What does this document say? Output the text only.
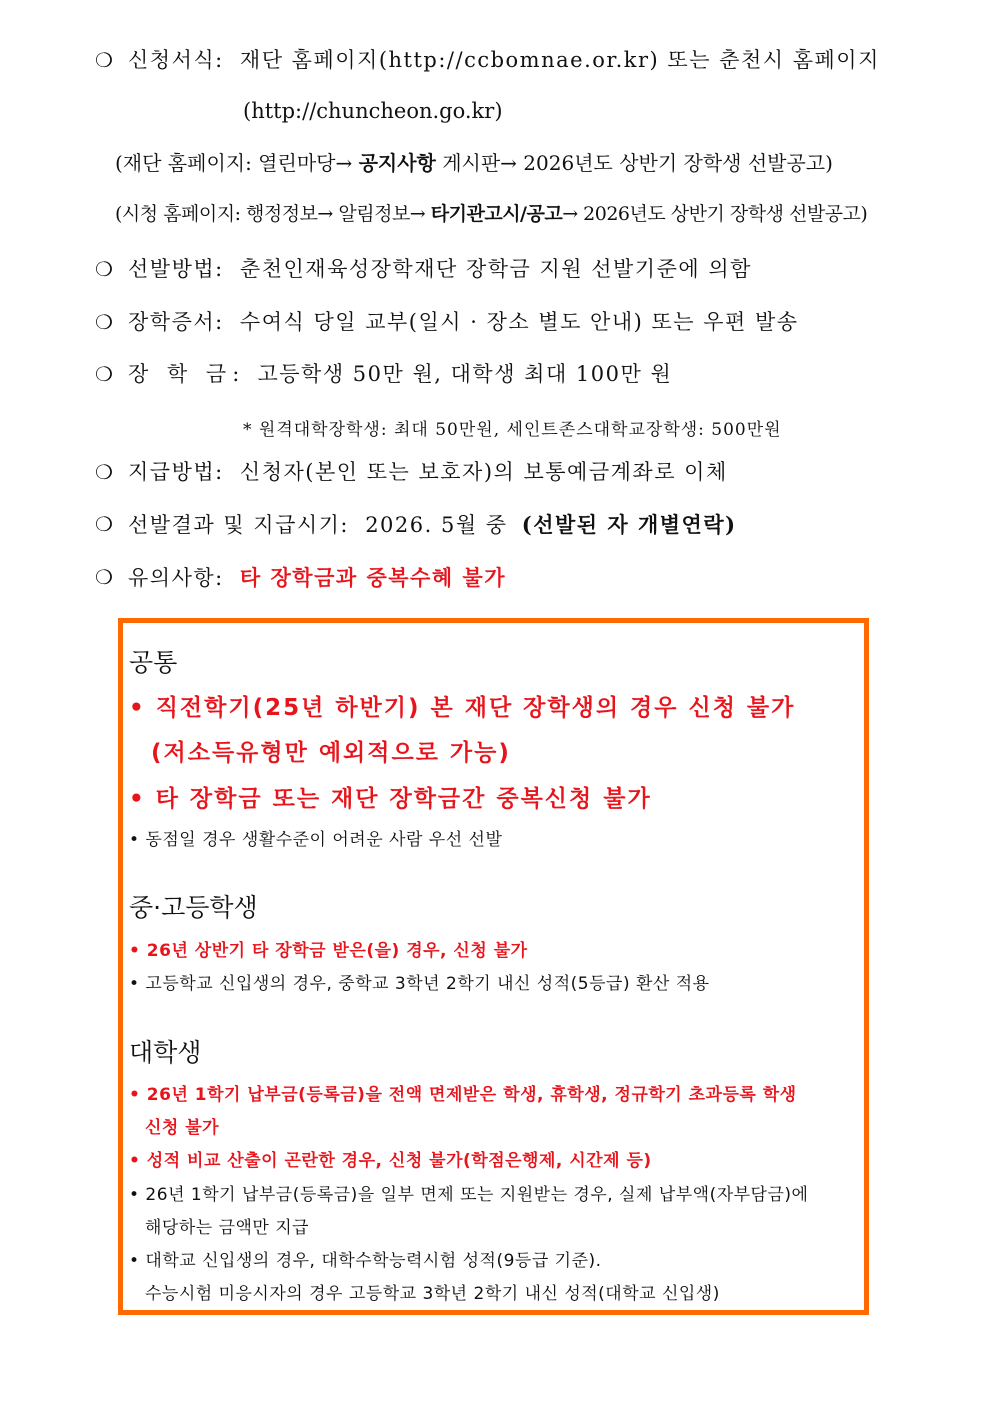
❍ 신청서식: 재단 홈페이지(http://ccbomnae.or.kr) 또는 춘천시 홈페이지
(http://chuncheon.go.kr)
(재단 홈페이지: 열린마당→ 공지사항 게시판→ 2026년도 상반기 장학생 선발공고)
(시청 홈페이지: 행정정보→ 알림정보→ 타기관고시/공고→ 2026년도 상반기 장학생 선발공고)
❍ 선발방법: 춘천인재육성장학재단 장학금 지원 선발기준에 의함
❍ 장학증서: 수여식 당일 교부(일시 · 장소 별도 안내) 또는 우편 발송
❍ 장 학 금: 고등학생 50만 원, 대학생 최대 100만 원
* 원격대학장학생: 최대 50만원, 세인트존스대학교장학생: 500만원
❍ 지급방법: 신청자(본인 또는 보호자)의 보통예금계좌로 이체
❍ 선발결과 및 지급시기: 2026. 5월 중 (선발된 자 개별연락)
❍ 유의사항: 타 장학금과 중복수혜 불가
공통
• 직전학기(25년 하반기) 본 재단 장학생의 경우 신청 불가
(저소득유형만 예외적으로 가능)
• 타 장학금 또는 재단 장학금간 중복신청 불가
• 동점일 경우 생활수준이 어려운 사람 우선 선발
중·고등학생
• 26년 상반기 타 장학금 받은(을) 경우, 신청 불가
• 고등학교 신입생의 경우, 중학교 3학년 2학기 내신 성적(5등급) 환산 적용
대학생
• 26년 1학기 납부금(등록금)을 전액 면제받은 학생, 휴학생, 정규학기 초과등록 학생
신청 불가
• 성적 비교 산출이 곤란한 경우, 신청 불가(학점은행제, 시간제 등)
• 26년 1학기 납부금(등록금)을 일부 면제 또는 지원받는 경우, 실제 납부액(자부담금)에
해당하는 금액만 지급
• 대학교 신입생의 경우, 대학수학능력시험 성적(9등급 기준).
수능시험 미응시자의 경우 고등학교 3학년 2학기 내신 성적(대학교 신입생)
